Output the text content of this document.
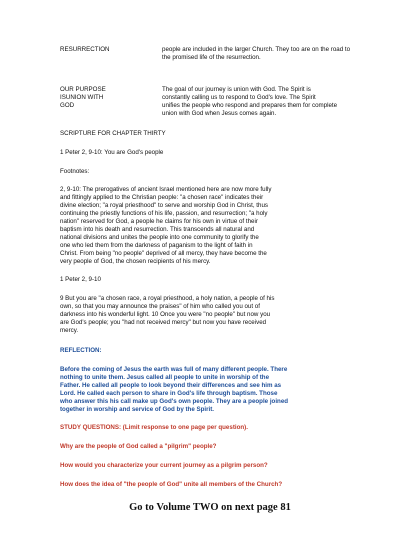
RESURRECTION	people are included in the larger Church. They too are on the road to
the promised life of the resurrection.
OUR PURPOSE
ISUNION WITH
GOD
The goal of our journey is union with God. The Spirit is
constantly calling us to respond to God's love. The Spirit
unifies the people who respond and prepares them for complete
union with God when Jesus comes again.
SCRIPTURE FOR CHAPTER THIRTY
1 Peter 2, 9-10: You are God's people
Footnotes:
2, 9-10: The prerogatives of ancient Israel mentioned here are now more fully
and fittingly applied to the Christian people: "a chosen race" indicates their
divine election; "a royal priesthood" to serve and worship God in Christ, thus
continuing the priestly functions of his life, passion, and resurrection; "a holy
nation" reserved for God, a people he claims for his own in virtue of their
baptism into his death and resurrection. This transcends all natural and
national divisions and unites the people into one community to glorify the
one who led them from the darkness of paganism to the light of faith in
Christ. From being "no people" deprived of all mercy, they have become the
very people of God, the chosen recipients of his mercy.
1 Peter 2, 9-10
9 But you are "a chosen race, a royal priesthood, a holy nation, a people of his
own, so that you may announce the praises" of him who called you out of
darkness into his wonderful light. 10 Once you were "no people" but now you
are God's people; you "had not received mercy" but now you have received
mercy.
REFLECTION:
Before the coming of Jesus the earth was full of many different people. There
nothing to unite them. Jesus called all people to unite in worship of the
Father. He called all people to look beyond their differences and see him as
Lord. He called each person to share in God's life through baptism. Those
who answer this his call make up God's own people. They are a people joined
together in worship and service of God by the Spirit.
STUDY QUESTIONS: (Limit response to one page per question).
Why are the people of God called a "pilgrim" people?
How would you characterize your current journey as a pilgrim person?
How does the idea of "the people of God" unite all members of the Church?
Go to Volume TWO on next page 81
